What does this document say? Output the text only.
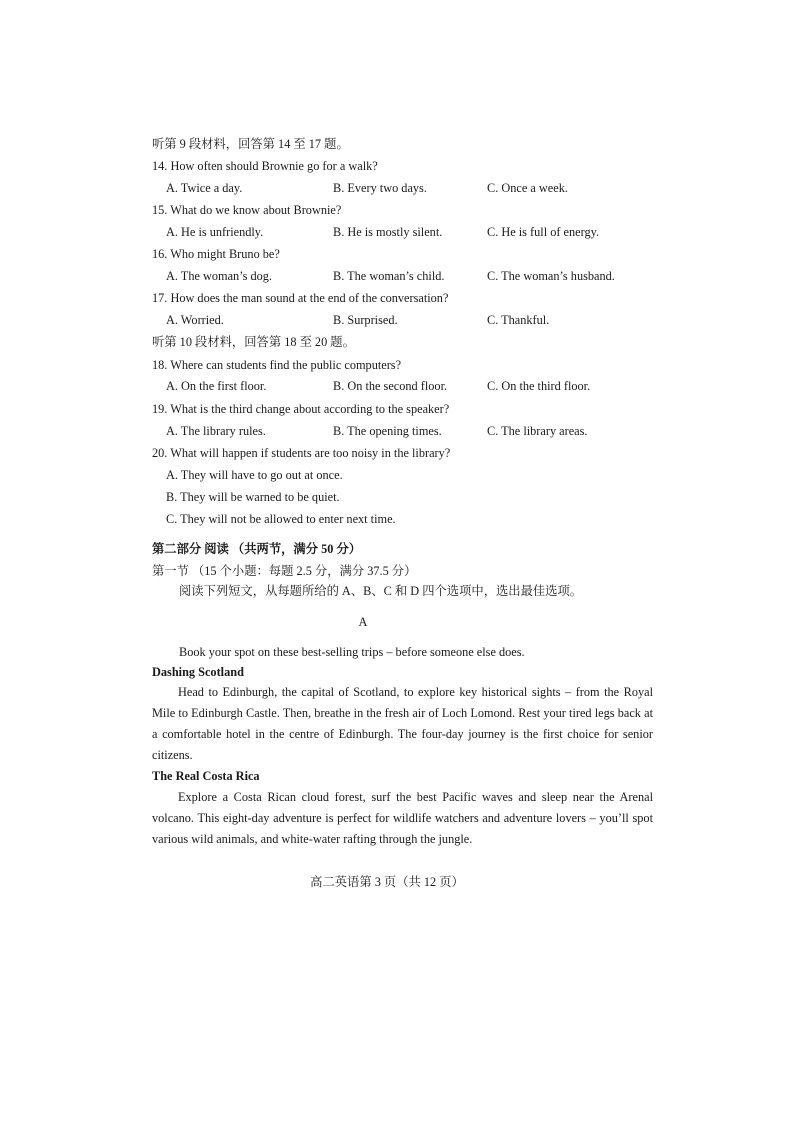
听第 9 段材料，回答第 14 至 17 题。
14. How often should Brownie go for a walk?
A. Twice a day.	B. Every two days.	C. Once a week.
15. What do we know about Brownie?
A. He is unfriendly.	B. He is mostly silent.	C. He is full of energy.
16. Who might Bruno be?
A. The woman’s dog.	B. The woman’s child.	C. The woman’s husband.
17. How does the man sound at the end of the conversation?
A. Worried.	B. Surprised.	C. Thankful.
听第 10 段材料，回答第 18 至 20 题。
18. Where can students find the public computers?
A. On the first floor.	B. On the second floor.	C. On the third floor.
19. What is the third change about according to the speaker?
A. The library rules.	B. The opening times.	C. The library areas.
20. What will happen if students are too noisy in the library?
A. They will have to go out at once.
B. They will be warned to be quiet.
C. They will not be allowed to enter next time.
第二部分 阅读 （共两节，满分 50 分）
第一节 （15 个小题：每题 2.5 分，满分 37.5 分）
阅读下列短文，从每题所给的 A、B、C 和 D 四个选项中，选出最佳选项。
A
Book your spot on these best-selling trips – before someone else does.
Dashing Scotland
Head to Edinburgh, the capital of Scotland, to explore key historical sights – from the Royal Mile to Edinburgh Castle. Then, breathe in the fresh air of Loch Lomond. Rest your tired legs back at a comfortable hotel in the centre of Edinburgh. The four-day journey is the first choice for senior citizens.
The Real Costa Rica
Explore a Costa Rican cloud forest, surf the best Pacific waves and sleep near the Arenal volcano. This eight-day adventure is perfect for wildlife watchers and adventure lovers – you’ll spot various wild animals, and white-water rafting through the jungle.
高二英语第 3 页（共 12 页）
